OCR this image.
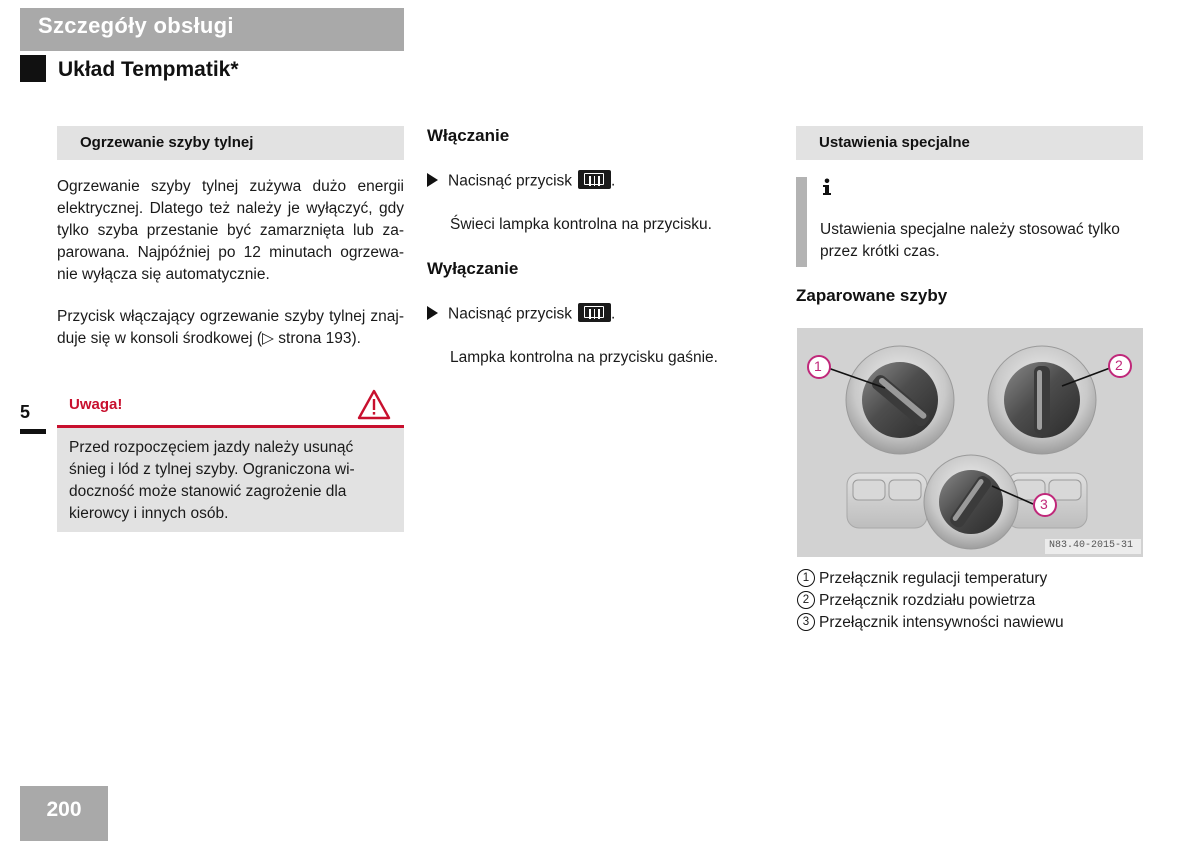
Szczegóły obsługi
Układ Tempmatik*
5
Ogrzewanie szyby tylnej
Ogrzewanie szyby tylnej zużywa dużo energii
elektrycznej. Dlatego też należy je wyłączyć, gdy
tylko szyba przestanie być zamarznięta lub za-
parowana. Najpóźniej po 12 minutach ogrzewa-
nie wyłącza się automatycznie.
Przycisk włączający ogrzewanie szyby tylnej znaj-
duje się w konsoli środkowej (▷ strona 193).
Uwaga!
Przed rozpoczęciem jazdy należy usunąć
śnieg i lód z tylnej szyby. Ograniczona wi-
doczność może stanowić zagrożenie dla
kierowcy i innych osób.
Włączanie
Nacisnąć przycisk	.
Świeci lampka kontrolna na przycisku.
Wyłączanie
Nacisnąć przycisk	.
Lampka kontrolna na przycisku gaśnie.
Ustawienia specjalne
Ustawienia specjalne należy stosować tylko
przez krótki czas.
Zaparowane szyby
1	2
3
N83.40-2015-31
1 Przełącznik regulacji temperatury
2 Przełącznik rozdziału powietrza
3 Przełącznik intensywności nawiewu
200
